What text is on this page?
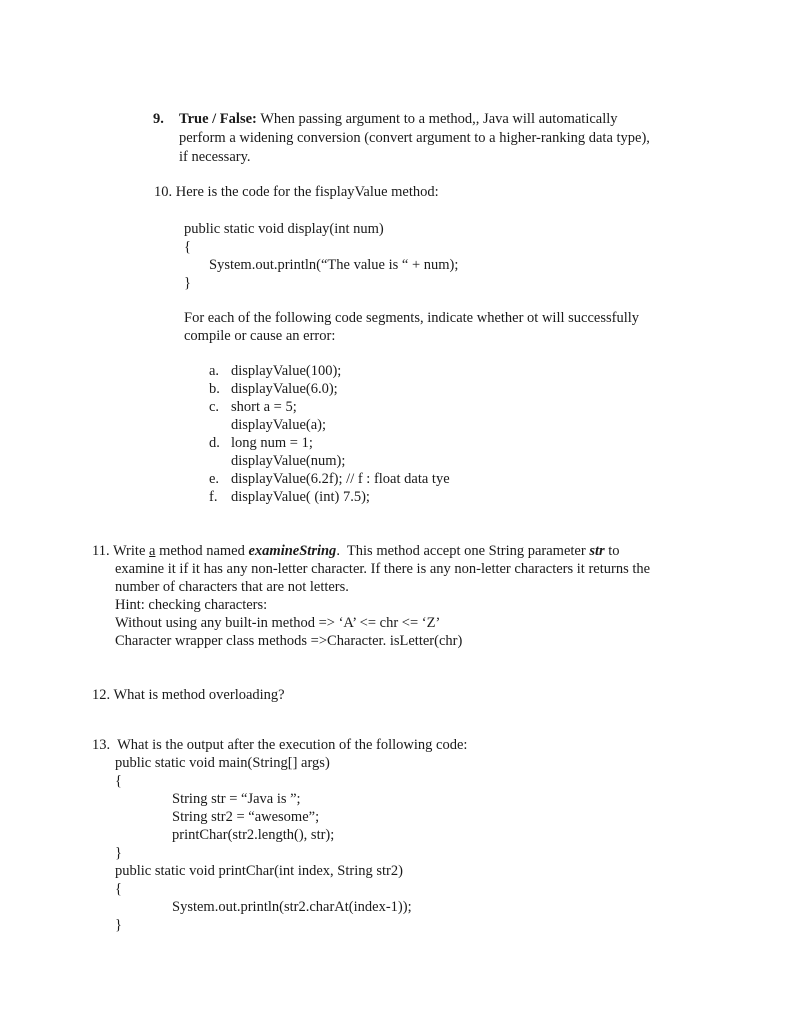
9. True / False: When passing argument to a method,, Java will automatically
perform a widening conversion (convert argument to a higher-ranking data type),
if necessary.
10. Here is the code for the fisplayValue method:
public static void display(int num)
{
System.out.println(“The value is “ + num);
}
For each of the following code segments, indicate whether ot will successfully
compile or cause an error:
a. displayValue(100);
b. displayValue(6.0);
c. short a = 5;
displayValue(a);
d. long num = 1;
displayValue(num);
e. displayValue(6.2f); // f : float data tye
f. displayValue( (int) 7.5);
11. Write a method named examineString.  This method accept one String parameter str to
examine it if it has any non-letter character. If there is any non-letter characters it returns the
number of characters that are not letters.
Hint: checking characters:
Without using any built-in method => ‘A’ <= chr <= ‘Z’
Character wrapper class methods =>Character. isLetter(chr)
12. What is method overloading?
13.  What is the output after the execution of the following code:
public static void main(String[] args)
{
String str = “Java is ”;
String str2 = “awesome”;
printChar(str2.length(), str);
}
public static void printChar(int index, String str2)
{
System.out.println(str2.charAt(index-1));
}
